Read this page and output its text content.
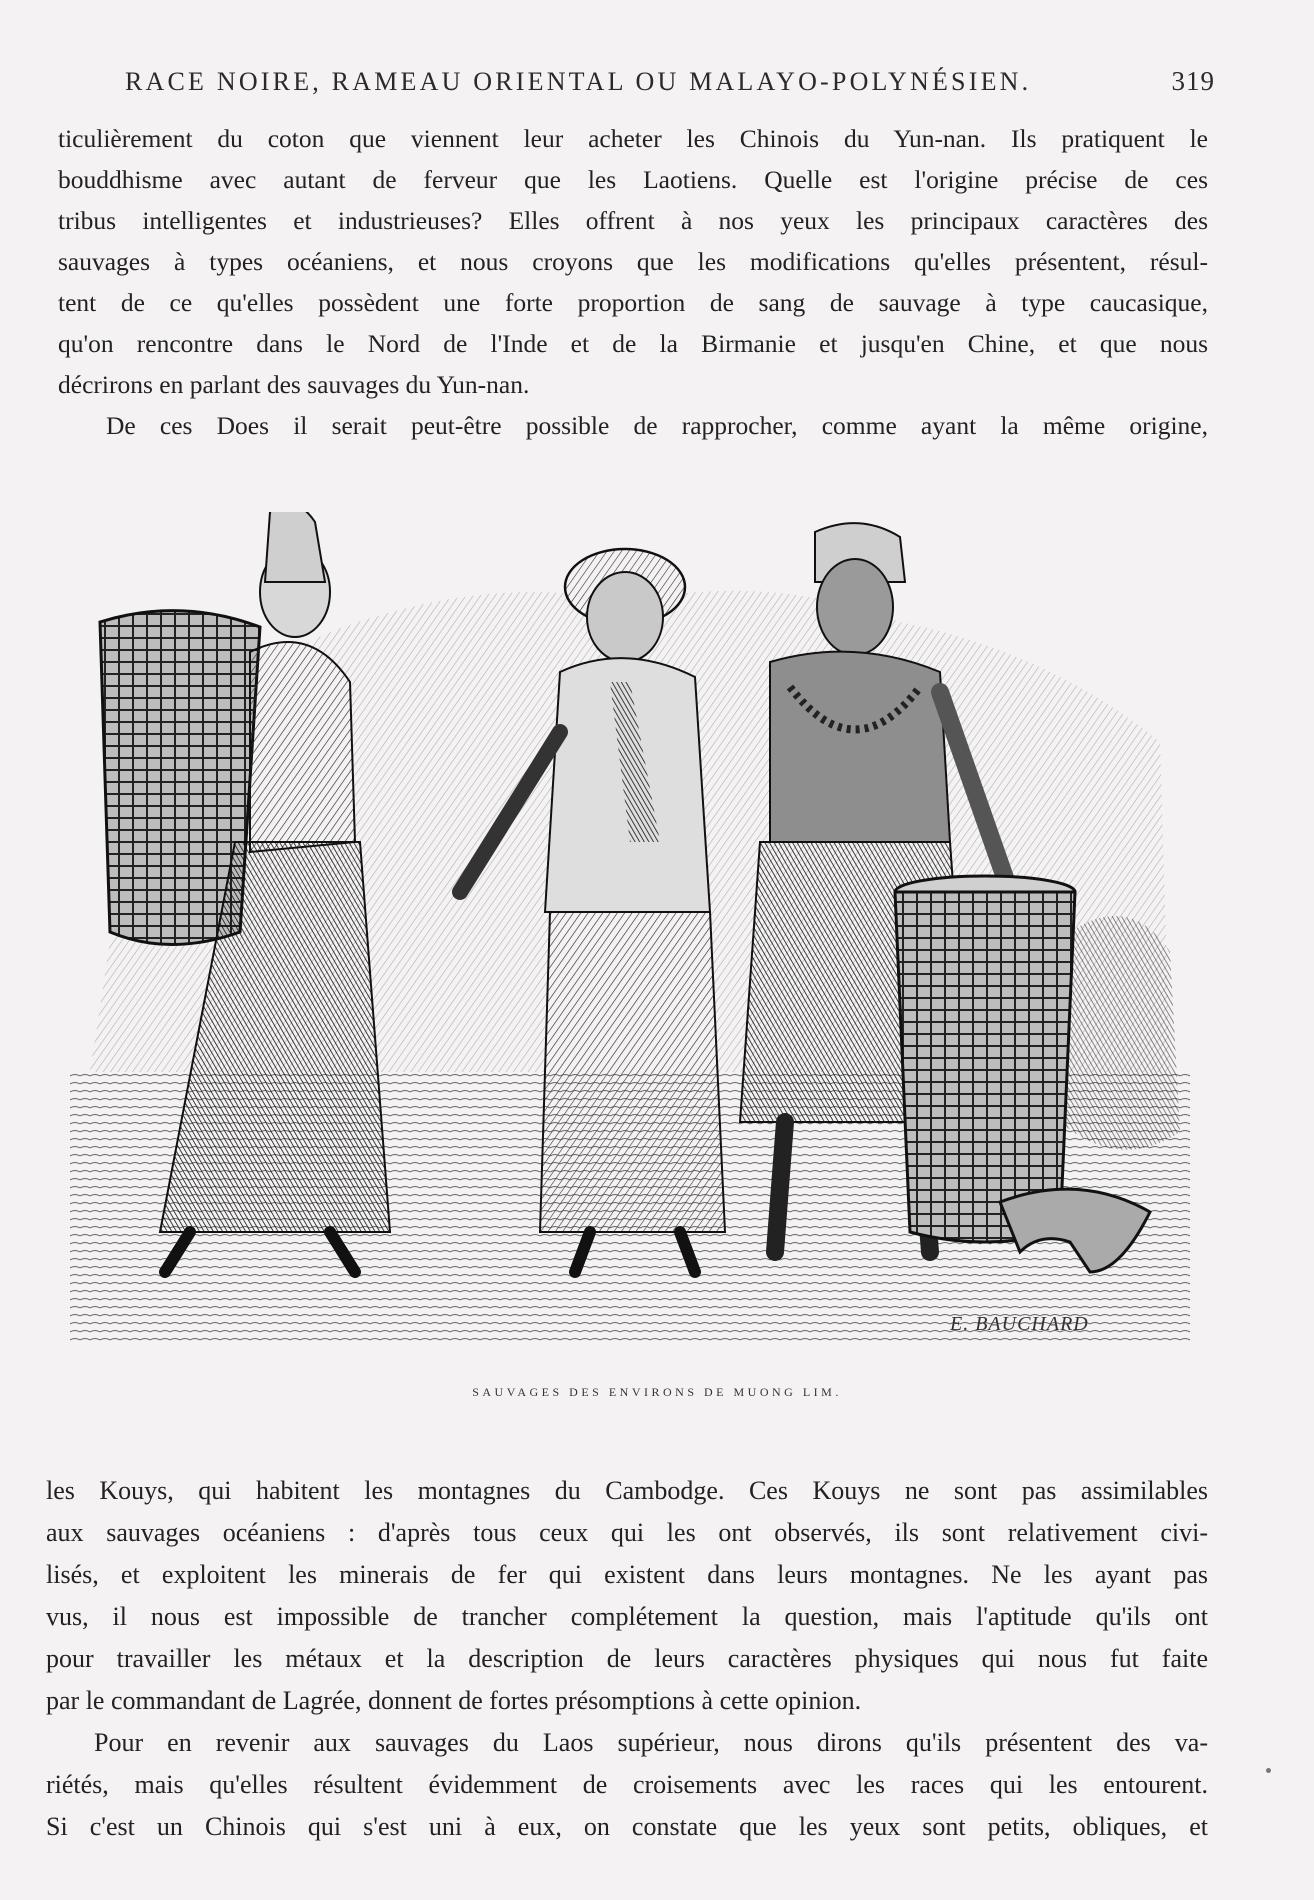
RACE NOIRE, RAMEAU ORIENTAL OU MALAYO-POLYNÉSIEN.	319
ticulièrement du coton que viennent leur acheter les Chinois du Yun-nan. Ils pratiquent le
bouddhisme avec autant de ferveur que les Laotiens. Quelle est l'origine précise de ces
tribus intelligentes et industrieuses? Elles offrent à nos yeux les principaux caractères des
sauvages à types océaniens, et nous croyons que les modifications qu'elles présentent, résul-
tent de ce qu'elles possèdent une forte proportion de sang de sauvage à type caucasique,
qu'on rencontre dans le Nord de l'Inde et de la Birmanie et jusqu'en Chine, et que nous
décrirons en parlant des sauvages du Yun-nan.
De ces Does il serait peut-être possible de rapprocher, comme ayant la même origine,
E. BAUCHARD
SAUVAGES DES ENVIRONS DE MUONG LIM.
les Kouys, qui habitent les montagnes du Cambodge. Ces Kouys ne sont pas assimilables
aux sauvages océaniens : d'après tous ceux qui les ont observés, ils sont relativement civi-
lisés, et exploitent les minerais de fer qui existent dans leurs montagnes. Ne les ayant pas
vus, il nous est impossible de trancher complétement la question, mais l'aptitude qu'ils ont
pour travailler les métaux et la description de leurs caractères physiques qui nous fut faite
par le commandant de Lagrée, donnent de fortes présomptions à cette opinion.
Pour en revenir aux sauvages du Laos supérieur, nous dirons qu'ils présentent des va-
riétés, mais qu'elles résultent évidemment de croisements avec les races qui les entourent.
Si c'est un Chinois qui s'est uni à eux, on constate que les yeux sont petits, obliques, et
